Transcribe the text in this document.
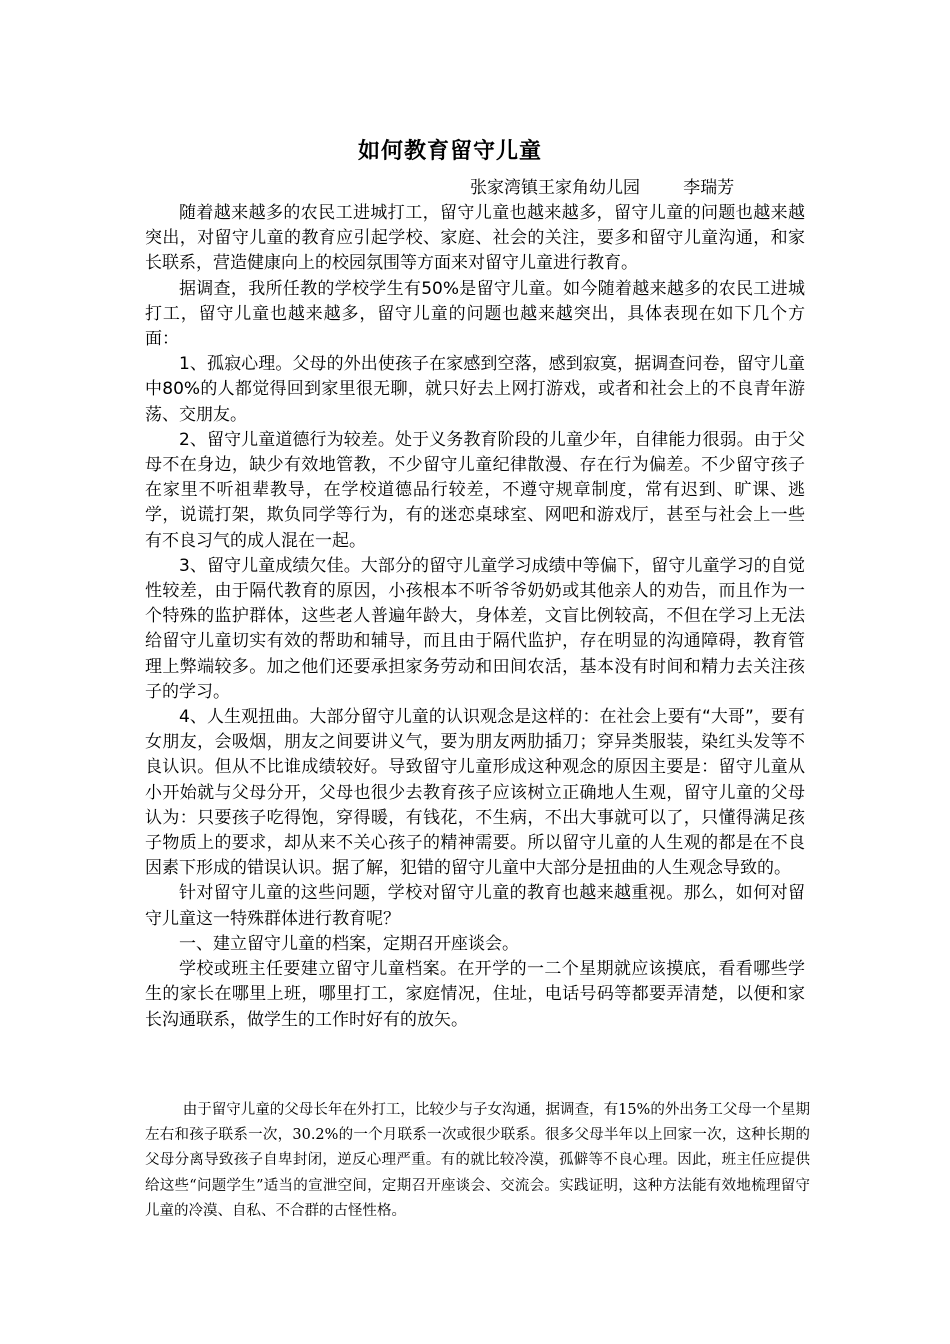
如何教育留守儿童
张家湾镇王家角幼儿园        李瑞芳

随着越来越多的农民工进城打工，留守儿童也越来越多，留守儿童的问题也越来越突出，对留守儿童的教育应引起学校、家庭、社会的关注，要多和留守儿童沟通，和家长联系，营造健康向上的校园氛围等方面来对留守儿童进行教育。

据调查，我所任教的学校学生有50%是留守儿童。如今随着越来越多的农民工进城打工，留守儿童也越来越多，留守儿童的问题也越来越突出，具体表现在如下几个方面：

1、孤寂心理。父母的外出使孩子在家感到空落，感到寂寞，据调查问卷，留守儿童中80%的人都觉得回到家里很无聊，就只好去上网打游戏，或者和社会上的不良青年游荡、交朋友。

2、留守儿童道德行为较差。处于义务教育阶段的儿童少年，自律能力很弱。由于父母不在身边，缺少有效地管教，不少留守儿童纪律散漫、存在行为偏差。不少留守孩子在家里不听祖辈教导，在学校道德品行较差，不遵守规章制度，常有迟到、旷课、逃学，说谎打架，欺负同学等行为，有的迷恋桌球室、网吧和游戏厅，甚至与社会上一些有不良习气的成人混在一起。

3、留守儿童成绩欠佳。大部分的留守儿童学习成绩中等偏下，留守儿童学习的自觉性较差，由于隔代教育的原因，小孩根本不听爷爷奶奶或其他亲人的劝告，而且作为一个特殊的监护群体，这些老人普遍年龄大，身体差，文盲比例较高，不但在学习上无法给留守儿童切实有效的帮助和辅导，而且由于隔代监护，存在明显的沟通障碍，教育管理上弊端较多。加之他们还要承担家务劳动和田间农活，基本没有时间和精力去关注孩子的学习。

4、人生观扭曲。大部分留守儿童的认识观念是这样的：在社会上要有“大哥”，要有女朋友，会吸烟，朋友之间要讲义气，要为朋友两肋插刀；穿异类服装，染红头发等不良认识。但从不比谁成绩较好。导致留守儿童形成这种观念的原因主要是：留守儿童从小开始就与父母分开，父母也很少去教育孩子应该树立正确地人生观，留守儿童的父母认为：只要孩子吃得饱，穿得暖，有钱花，不生病，不出大事就可以了，只懂得满足孩子物质上的要求，却从来不关心孩子的精神需要。所以留守儿童的人生观的都是在不良因素下形成的错误认识。据了解，犯错的留守儿童中大部分是扭曲的人生观念导致的。

针对留守儿童的这些问题，学校对留守儿童的教育也越来越重视。那么，如何对留守儿童这一特殊群体进行教育呢？

一、建立留守儿童的档案，定期召开座谈会。

学校或班主任要建立留守儿童档案。在开学的一二个星期就应该摸底，看看哪些学生的家长在哪里上班，哪里打工，家庭情况，住址，电话号码等都要弄清楚，以便和家长沟通联系，做学生的工作时好有的放矢。

由于留守儿童的父母长年在外打工，比较少与子女沟通，据调查，有15%的外出务工父母一个星期左右和孩子联系一次，30.2%的一个月联系一次或很少联系。很多父母半年以上回家一次，这种长期的父母分离导致孩子自卑封闭，逆反心理严重。有的就比较冷漠，孤僻等不良心理。因此，班主任应提供给这些“问题学生”适当的宣泄空间，定期召开座谈会、交流会。实践证明，这种方法能有效地梳理留守儿童的冷漠、自私、不合群的古怪性格。
